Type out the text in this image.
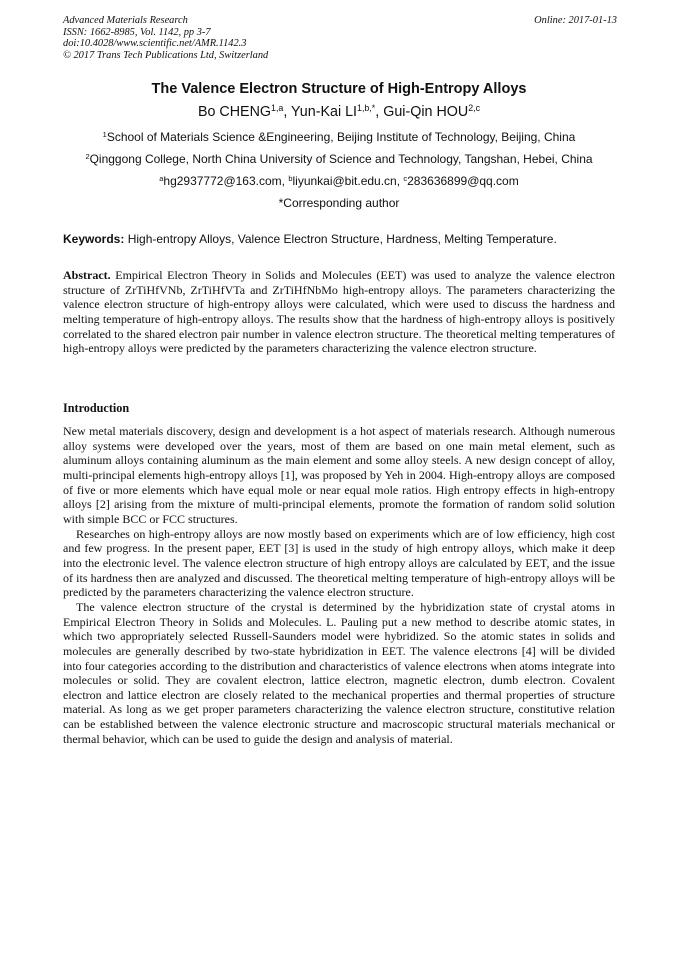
Advanced Materials Research
ISSN: 1662-8985, Vol. 1142, pp 3-7
doi:10.4028/www.scientific.net/AMR.1142.3
© 2017 Trans Tech Publications Ltd, Switzerland
Online: 2017-01-13
The Valence Electron Structure of High-Entropy Alloys
Bo CHENG$^{1,a}$, Yun-Kai $LI^{1,b,*}$, Gui-Qin HOU$^{2,c}$
$^1$School of Materials Science &Engineering, Beijing Institute of Technology, Beijing, China
$^2$Qinggong College, North China University of Science and Technology, Tangshan, Hebei, China
$^a$hg2937772@163.com, $^b$liyunkai@bit.edu.cn, $^c$283636899@qq.com
*Corresponding author
Keywords: High-entropy Alloys, Valence Electron Structure, Hardness, Melting Temperature.
Abstract. Empirical Electron Theory in Solids and Molecules (EET) was used to analyze the valence electron structure of ZrTiHfVNb, ZrTiHfVTa and ZrTiHfNbMo high-entropy alloys. The parameters characterizing the valence electron structure of high-entropy alloys were calculated, which were used to discuss the hardness and melting temperature of high-entropy alloys. The results show that the hardness of high-entropy alloys is positively correlated to the shared electron pair number in valence electron structure. The theoretical melting temperatures of high-entropy alloys were predicted by the parameters characterizing the valence electron structure.
Introduction

New metal materials discovery, design and development is a hot aspect of materials research. Although numerous alloy systems were developed over the years, most of them are based on one main metal element, such as aluminum alloys containing aluminum as the main element and some alloy steels. A new design concept of alloy, multi-principal elements high-entropy alloys [1], was proposed by Yeh in 2004. High-entropy alloys are composed of five or more elements which have equal mole or near equal mole ratios. High entropy effects in high-entropy alloys [2] arising from the mixture of multi-principal elements, promote the formation of random solid solution with simple BCC or FCC structures.

Researches on high-entropy alloys are now mostly based on experiments which are of low efficiency, high cost and few progress. In the present paper, EET [3] is used in the study of high entropy alloys, which make it deep into the electronic level. The valence electron structure of high entropy alloys are calculated by EET, and the issue of its hardness then are analyzed and discussed. The theoretical melting temperature of high-entropy alloys will be predicted by the parameters characterizing the valence electron structure.

The valence electron structure of the crystal is determined by the hybridization state of crystal atoms in Empirical Electron Theory in Solids and Molecules. L. Pauling put a new method to describe atomic states, in which two appropriately selected Russell-Saunders model were hybridized. So the atomic states in solids and molecules are generally described by two-state hybridization in EET. The valence electrons [4] will be divided into four categories according to the distribution and characteristics of valence electrons when atoms integrate into molecules or solid. They are covalent electron, lattice electron, magnetic electron, dumb electron. Covalent electron and lattice electron are closely related to the mechanical properties and thermal properties of structure material. As long as we get proper parameters characterizing the valence electron structure, constitutive relation can be established between the valence electronic structure and macroscopic structural materials mechanical or thermal behavior, which can be used to guide the design and analysis of material.
